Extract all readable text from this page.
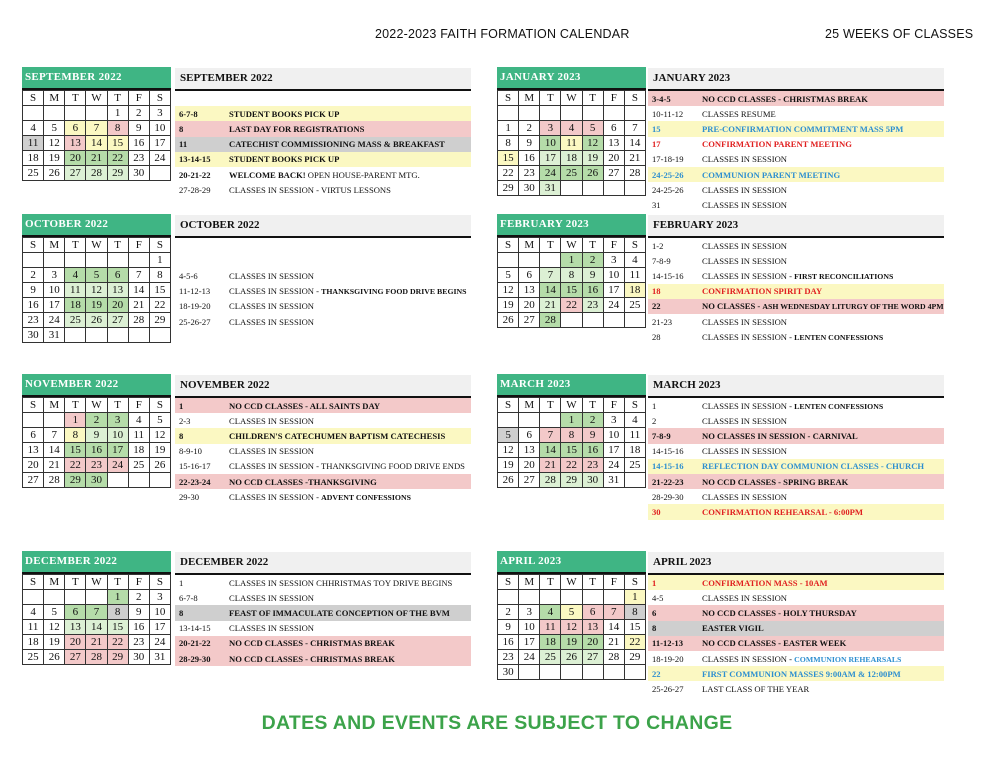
2022-2023 FAITH FORMATION CALENDAR	25 WEEKS OF CLASSES
SEPTEMBER 2022
S	M	T	W	T	F	S
				1	2	3
4	5	6	7	8	9	10
11	12	13	14	15	16	17
18	19	20	21	22	23	24
25	26	27	28	29	30	
SEPTEMBER 2022
6-7-8	STUDENT BOOKS PICK UP
8	LAST DAY FOR REGISTRATIONS
11	CATECHIST COMMISSIONING MASS & BREAKFAST
13-14-15	STUDENT BOOKS PICK UP
20-21-22	WELCOME BACK! OPEN HOUSE-PARENT MTG.
27-28-29	CLASSES IN SESSION - VIRTUS LESSONS
OCTOBER 2022
S	M	T	W	T	F	S
						1
2	3	4	5	6	7	8
9	10	11	12	13	14	15
16	17	18	19	20	21	22
23	24	25	26	27	28	29
30	31					
OCTOBER 2022
4-5-6	CLASSES IN SESSION
11-12-13	CLASSES IN SESSION - THANKSGIVING FOOD DRIVE BEGINS
18-19-20	CLASSES IN SESSION
25-26-27	CLASSES IN SESSION
NOVEMBER 2022
S	M	T	W	T	F	S
		1	2	3	4	5
6	7	8	9	10	11	12
13	14	15	16	17	18	19
20	21	22	23	24	25	26
27	28	29	30			
NOVEMBER 2022
1	NO CCD CLASSES - ALL SAINTS DAY
2-3	CLASSES IN SESSION
8	CHILDREN'S CATECHUMEN BAPTISM CATECHESIS
8-9-10	CLASSES IN SESSION
15-16-17	CLASSES IN SESSION - THANKSGIVING FOOD DRIVE ENDS
22-23-24	NO CCD CLASSES -THANKSGIVING
29-30	CLASSES IN SESSION - ADVENT CONFESSIONS
DECEMBER 2022
S	M	T	W	T	F	S
				1	2	3
4	5	6	7	8	9	10
11	12	13	14	15	16	17
18	19	20	21	22	23	24
25	26	27	28	29	30	31
DECEMBER 2022
1	CLASSES IN SESSION CHHRISTMAS TOY DRIVE BEGINS
6-7-8	CLASSES IN SESSION
8	FEAST OF IMMACULATE CONCEPTION OF THE BVM
13-14-15	CLASSES IN SESSION
20-21-22	NO CCD CLASSES - CHRISTMAS BREAK
28-29-30	NO CCD CLASSES - CHRISTMAS BREAK
JANUARY 2023
S	M	T	W	T	F	S

1	2	3	4	5	6	7
8	9	10	11	12	13	14
15	16	17	18	19	20	21
22	23	24	25	26	27	28
29	30	31				
JANUARY 2023
3-4-5	NO CCD CLASSES - CHRISTMAS BREAK
10-11-12	CLASSES RESUME
15	PRE-CONFIRMATION COMMITMENT MASS 5PM
17	CONFIRMATION PARENT MEETING
17-18-19	CLASSES IN SESSION
24-25-26	COMMUNION PARENT MEETING
24-25-26	CLASSES IN SESSION
31	CLASSES IN SESSION
FEBRUARY 2023
S	M	T	W	T	F	S
			1	2	3	4
5	6	7	8	9	10	11
12	13	14	15	16	17	18
19	20	21	22	23	24	25
26	27	28				
FEBRUARY 2023
1-2	CLASSES IN SESSION
7-8-9	CLASSES IN SESSION
14-15-16	CLASSES IN SESSION - FIRST RECONCILIATIONS
18	CONFIRMATION SPIRIT DAY
22	NO CLASSES - ASH WEDNESDAY LITURGY OF THE WORD 4PM
21-23	CLASSES IN SESSION
28	CLASSES IN SESSION - LENTEN CONFESSIONS
MARCH 2023
S	M	T	W	T	F	S
			1	2	3	4
5	6	7	8	9	10	11
12	13	14	15	16	17	18
19	20	21	22	23	24	25
26	27	28	29	30	31	
MARCH 2023
1	CLASSES IN SESSION - LENTEN CONFESSIONS
2	CLASSES IN SESSION
7-8-9	NO CLASSES IN SESSION - CARNIVAL
14-15-16	CLASSES IN SESSION
14-15-16	REFLECTION DAY COMMUNION CLASSES - CHURCH
21-22-23	NO CCD CLASSES - SPRING BREAK
28-29-30	CLASSES IN SESSION
30	CONFIRMATION REHEARSAL - 6:00PM
APRIL 2023
S	M	T	W	T	F	S
						1
2	3	4	5	6	7	8
9	10	11	12	13	14	15
16	17	18	19	20	21	22
23	24	25	26	27	28	29
30						
APRIL 2023
1	CONFIRMATION MASS - 10AM
4-5	CLASSES IN SESSION
6	NO CCD CLASSES - HOLY THURSDAY
8	EASTER VIGIL
11-12-13	NO CCD CLASSES - EASTER WEEK
18-19-20	CLASSES IN SESSION - COMMUNION REHEARSALS
22	FIRST COMMUNION MASSES 9:00AM & 12:00PM
25-26-27	LAST CLASS OF THE YEAR
DATES AND EVENTS ARE SUBJECT TO CHANGE
